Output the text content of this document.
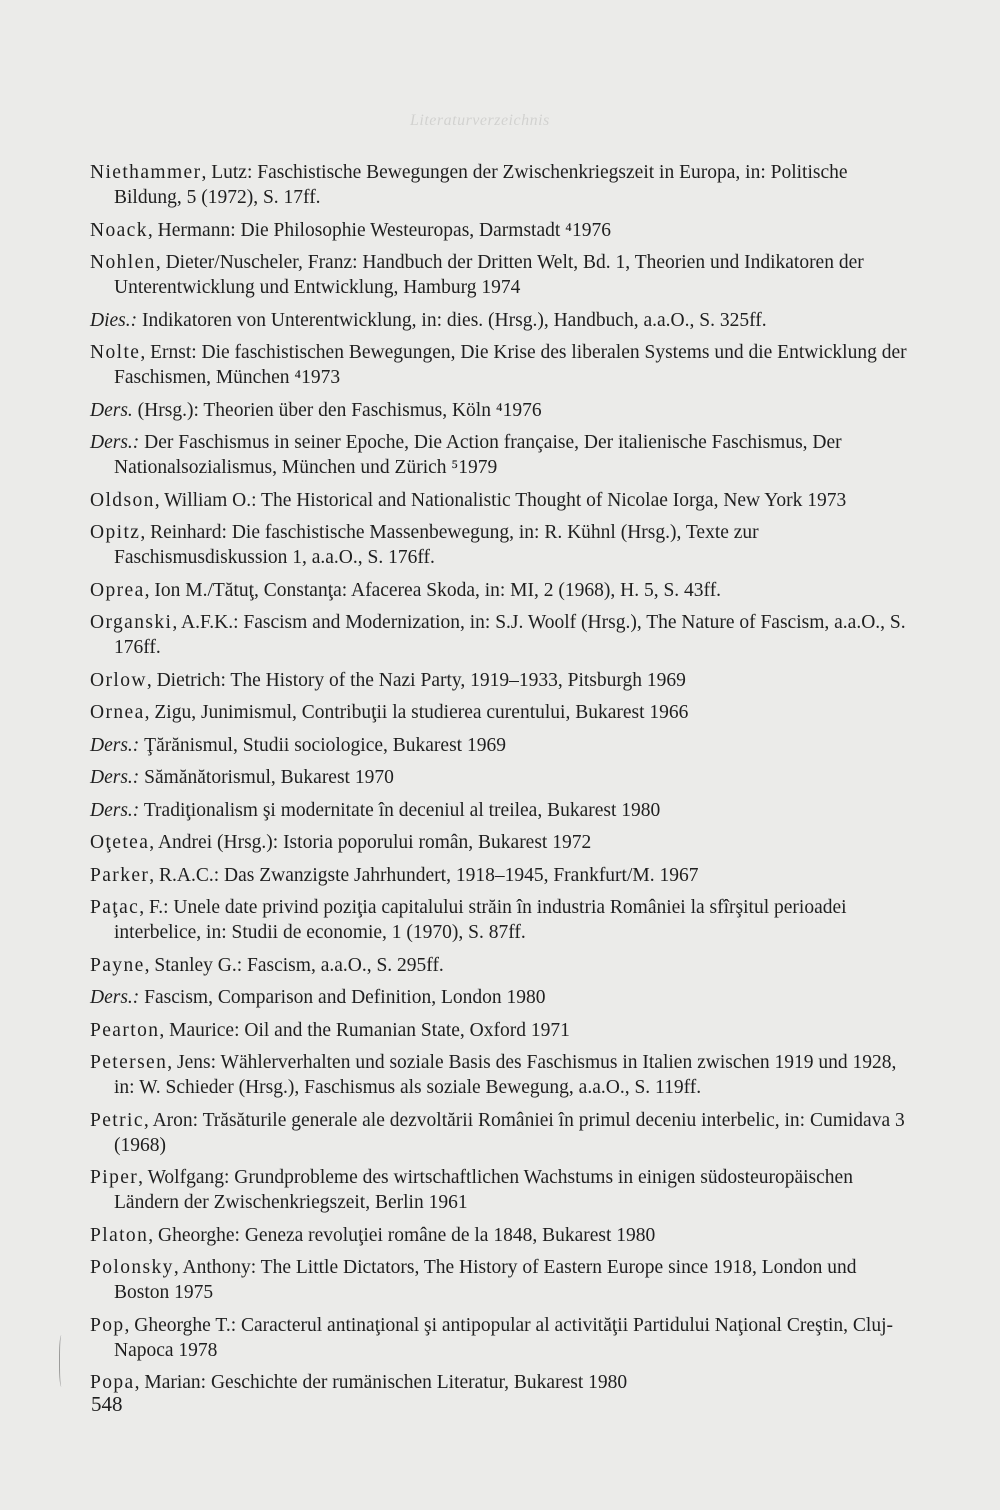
Literaturverzeichnis
Niethammer, Lutz: Faschistische Bewegungen der Zwischenkriegszeit in Europa, in: Politische Bildung, 5 (1972), S. 17ff.
Noack, Hermann: Die Philosophie Westeuropas, Darmstadt ⁴1976
Nohlen, Dieter/Nuscheler, Franz: Handbuch der Dritten Welt, Bd. 1, Theorien und Indikatoren der Unterentwicklung und Entwicklung, Hamburg 1974
Dies.: Indikatoren von Unterentwicklung, in: dies. (Hrsg.), Handbuch, a.a.O., S. 325ff.
Nolte, Ernst: Die faschistischen Bewegungen, Die Krise des liberalen Systems und die Entwicklung der Faschismen, München ⁴1973
Ders. (Hrsg.): Theorien über den Faschismus, Köln ⁴1976
Ders.: Der Faschismus in seiner Epoche, Die Action française, Der italienische Faschismus, Der Nationalsozialismus, München und Zürich ⁵1979
Oldson, William O.: The Historical and Nationalistic Thought of Nicolae Iorga, New York 1973
Opitz, Reinhard: Die faschistische Massenbewegung, in: R. Kühnl (Hrsg.), Texte zur Faschismusdiskussion 1, a.a.O., S. 176ff.
Oprea, Ion M./Tătuţ, Constanţa: Afacerea Skoda, in: MI, 2 (1968), H. 5, S. 43ff.
Organski, A.F.K.: Fascism and Modernization, in: S.J. Woolf (Hrsg.), The Nature of Fascism, a.a.O., S. 176ff.
Orlow, Dietrich: The History of the Nazi Party, 1919–1933, Pitsburgh 1969
Ornea, Zigu, Junimismul, Contribuţii la studierea curentului, Bukarest 1966
Ders.: Ţărănismul, Studii sociologice, Bukarest 1969
Ders.: Sămănătorismul, Bukarest 1970
Ders.: Tradiţionalism şi modernitate în deceniul al treilea, Bukarest 1980
Oţetea, Andrei (Hrsg.): Istoria poporului român, Bukarest 1972
Parker, R.A.C.: Das Zwanzigste Jahrhundert, 1918–1945, Frankfurt/M. 1967
Paţac, F.: Unele date privind poziţia capitalului străin în industria României la sfîrşitul perioadei interbelice, in: Studii de economie, 1 (1970), S. 87ff.
Payne, Stanley G.: Fascism, a.a.O., S. 295ff.
Ders.: Fascism, Comparison and Definition, London 1980
Pearton, Maurice: Oil and the Rumanian State, Oxford 1971
Petersen, Jens: Wählerverhalten und soziale Basis des Faschismus in Italien zwischen 1919 und 1928, in: W. Schieder (Hrsg.), Faschismus als soziale Bewegung, a.a.O., S. 119ff.
Petric, Aron: Trăsăturile generale ale dezvoltării României în primul deceniu interbelic, in: Cumidava 3 (1968)
Piper, Wolfgang: Grundprobleme des wirtschaftlichen Wachstums in einigen südosteuropäischen Ländern der Zwischenkriegszeit, Berlin 1961
Platon, Gheorghe: Geneza revoluţiei române de la 1848, Bukarest 1980
Polonsky, Anthony: The Little Dictators, The History of Eastern Europe since 1918, London und Boston 1975
Pop, Gheorghe T.: Caracterul antinaţional şi antipopular al activităţii Partidului Naţional Creştin, Cluj-Napoca 1978
Popa, Marian: Geschichte der rumänischen Literatur, Bukarest 1980
548
